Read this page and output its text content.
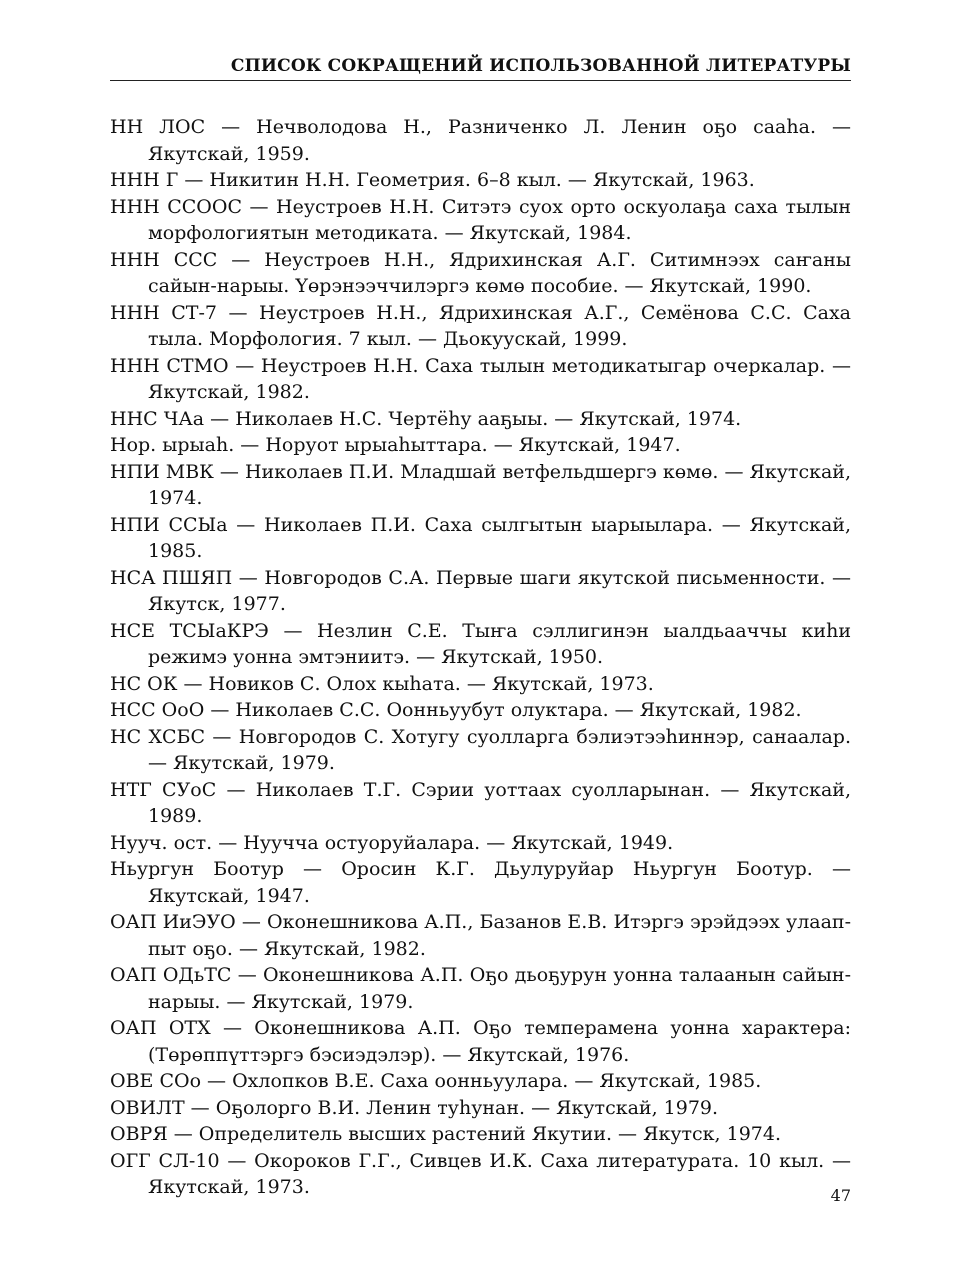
СПИСОК СОКРАЩЕНИЙ ИСПОЛЬЗОВАННОЙ ЛИТЕРАТУРЫ
НН ЛОС — Нечволодова Н., Разниченко Л. Ленин оҕо сааһа. — Якутскай, 1959.
ННН Г — Никитин Н.Н. Геометрия. 6–8 кыл. — Якутскай, 1963.
ННН ССООС — Неустроев Н.Н. Ситэтэ суох орто оскуолаҕа саха тылын морфологиятын методиката. — Якутскай, 1984.
ННН ССС — Неустроев Н.Н., Ядрихинская А.Г. Ситимнээх саҥаны сайын-нарыы. Үөрэнээччилэргэ көмө пособие. — Якутскай, 1990.
ННН СТ-7 — Неустроев Н.Н., Ядрихинская А.Г., Семёнова С.С. Саха тыла. Морфология. 7 кыл. — Дьокуускай, 1999.
ННН СТМО — Неустроев Н.Н. Саха тылын методикатыгар очеркалар. — Якутскай, 1982.
ННС ЧАа — Николаев Н.С. Чертёһу ааҕыы. — Якутскай, 1974.
Нор. ырыаһ. — Норуот ырыаһыттара. — Якутскай, 1947.
НПИ МВК — Николаев П.И. Младшай ветфельдшергэ көмө. — Якутскай, 1974.
НПИ ССЫа — Николаев П.И. Саха сылгытын ыарыылара. — Якутскай, 1985.
НСА ПШЯП — Новгородов С.А. Первые шаги якутской письменности. — Якутск, 1977.
НСЕ ТСЫаКРЭ — Незлин С.Е. Тыҥа сэллигинэн ыалдьааччы киһи режимэ уонна эмтэниитэ. — Якутскай, 1950.
НС ОК — Новиков С. Олох кыһата. — Якутскай, 1973.
НСС ОоО — Николаев С.С. Оонньуубут олуктара. — Якутскай, 1982.
НС ХСБС — Новгородов С. Хотугу суолларга бэлиэтээһиннэр, санаалар. — Якутскай, 1979.
НТГ СУоС — Николаев Т.Г. Сэрии уоттаах суолларынан. — Якутскай, 1989.
Нууч. ост. — Нуучча остуоруйалара. — Якутскай, 1949.
Ньургун Боотур — Оросин К.Г. Дьулуруйар Ньургун Боотур. — Якутскай, 1947.
ОАП ИиЭУО — Оконешникова А.П., Базанов Е.В. Итэргэ эрэйдээх улаап-пыт оҕо. — Якутскай, 1982.
ОАП ОДьТС — Оконешникова А.П. Оҕо дьоҕурун уонна талаанын сайын-нарыы. — Якутскай, 1979.
ОАП ОТХ — Оконешникова А.П. Оҕо темперамена уонна характера: (Төрөппүттэргэ бэсиэдэлэр). — Якутскай, 1976.
ОВЕ СОо — Охлопков В.Е. Саха оонньуулара. — Якутскай, 1985.
ОВИЛТ — Оҕолорго В.И. Ленин туһунан. — Якутскай, 1979.
ОВРЯ — Определитель высших растений Якутии. — Якутск, 1974.
ОГГ СЛ-10 — Окороков Г.Г., Сивцев И.К. Саха литературата. 10 кыл. — Якутскай, 1973.	47
